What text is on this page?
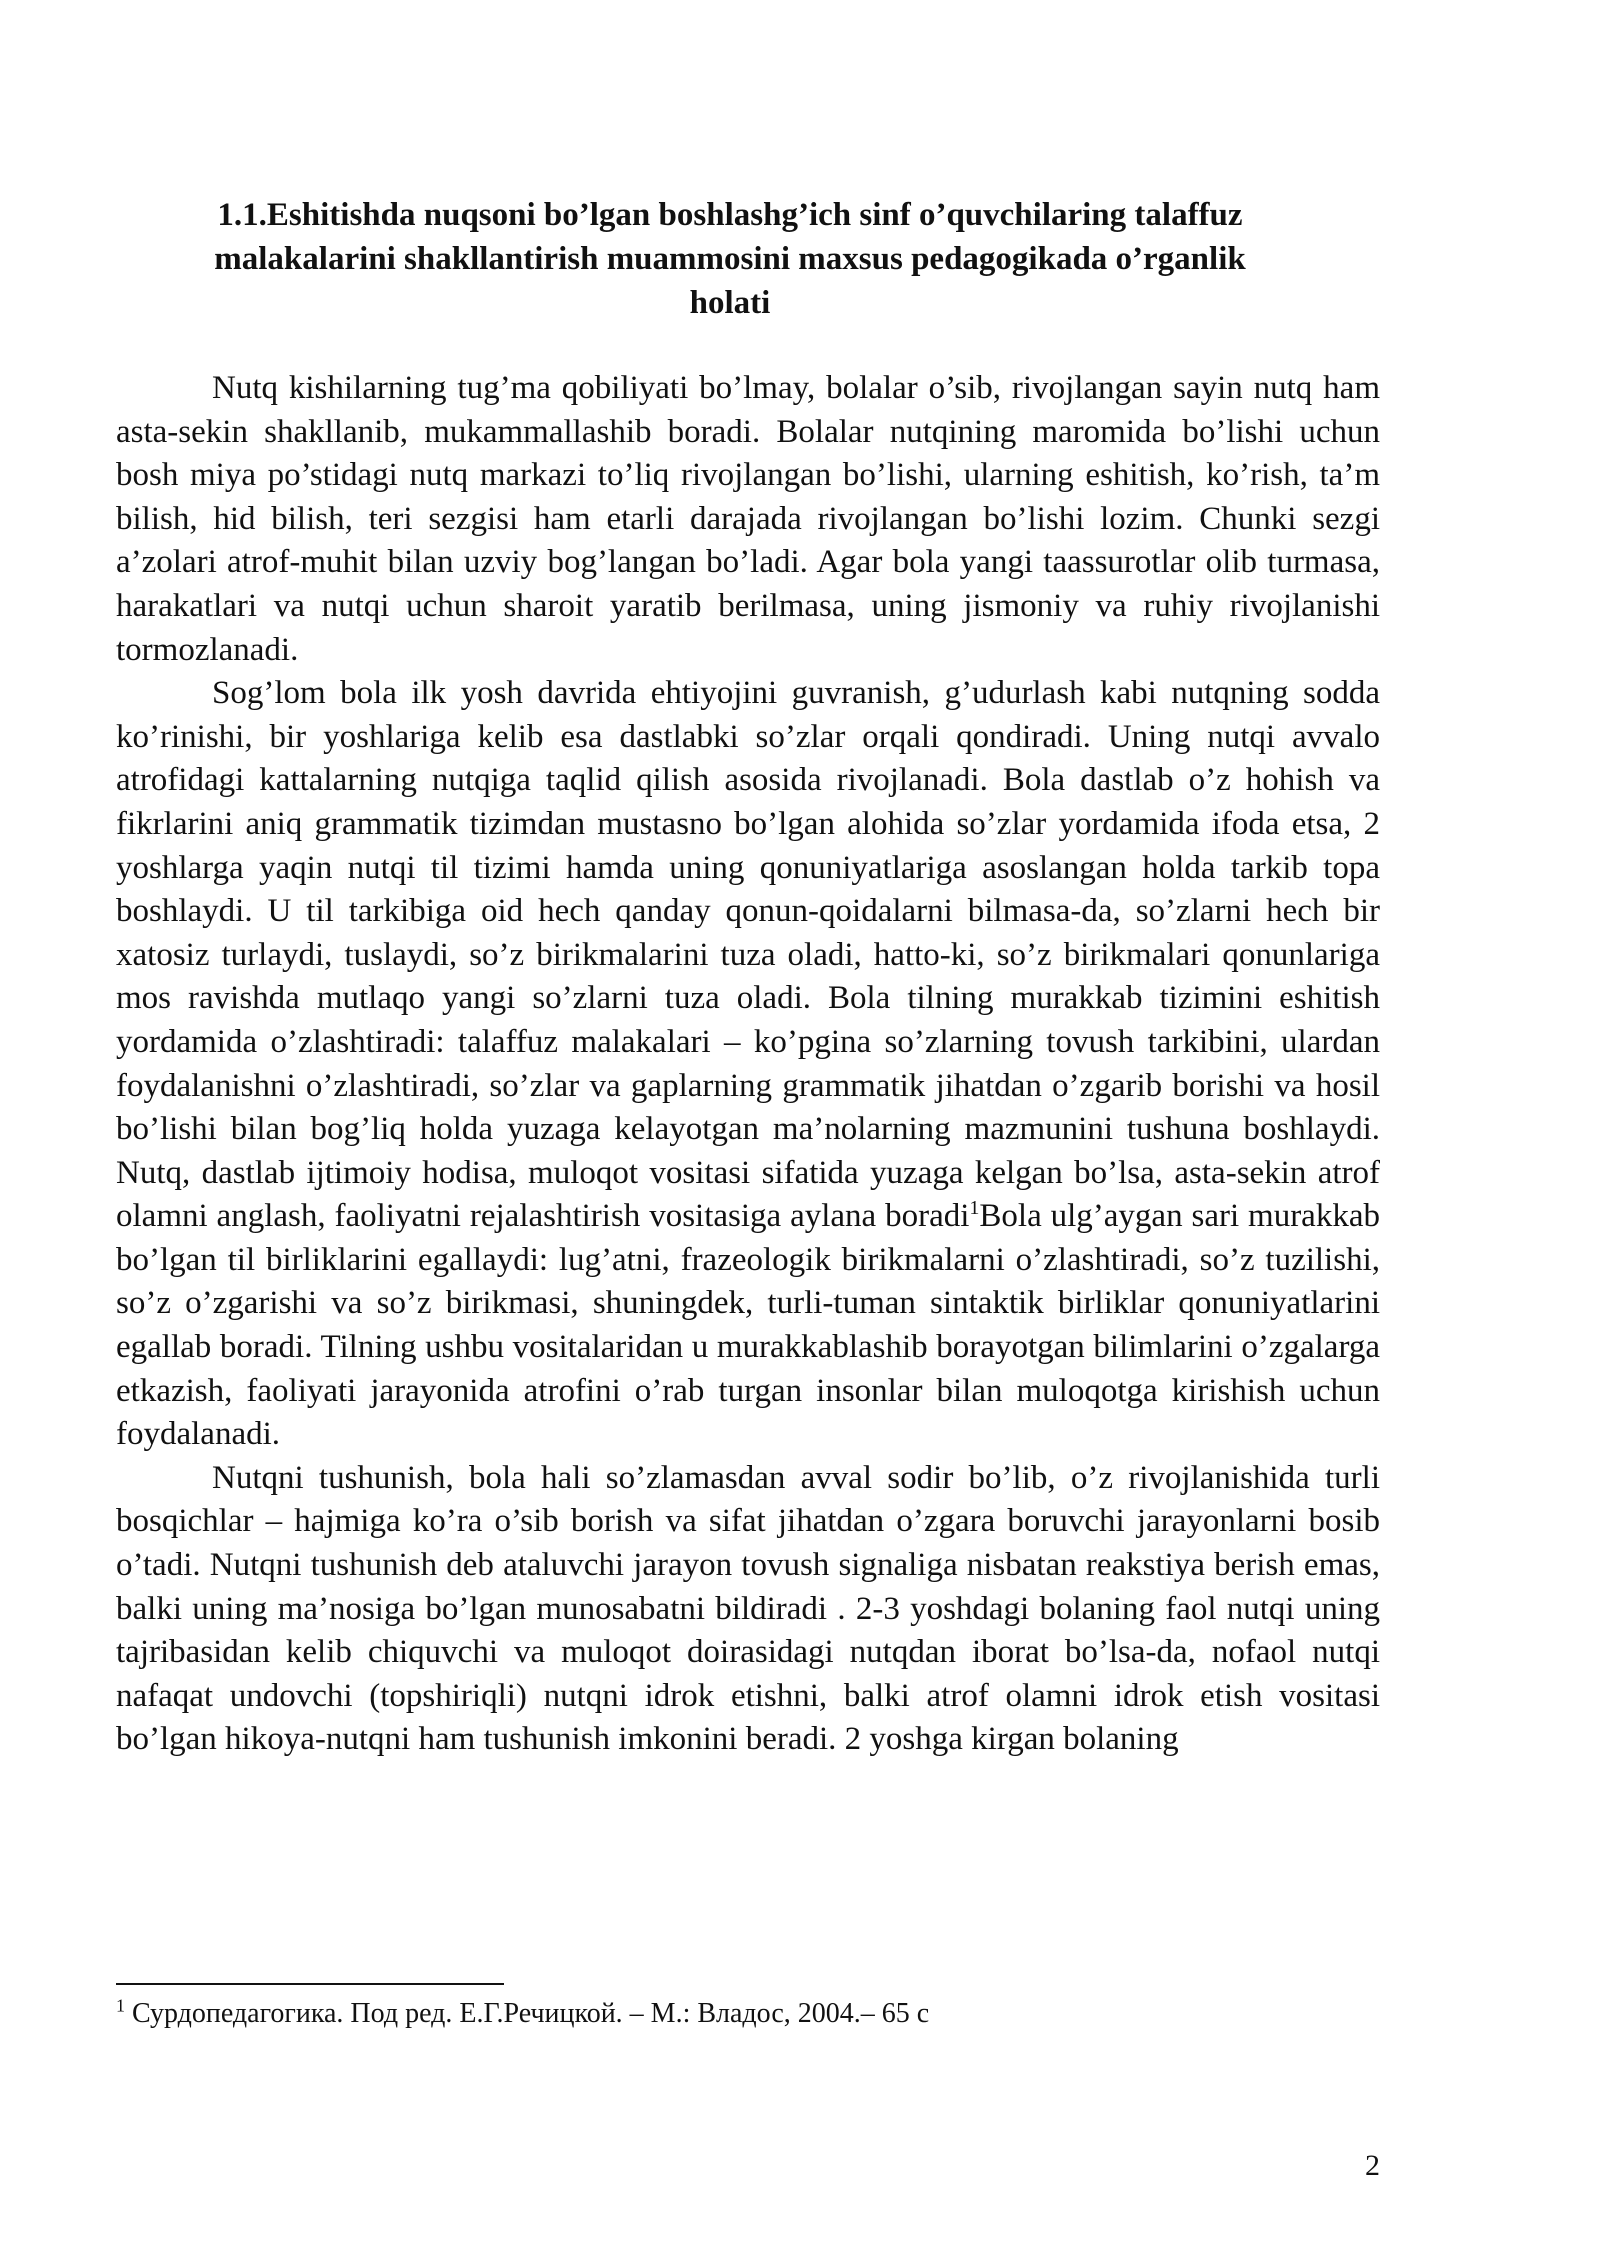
1.1.Eshitishda nuqsoni bo’lgan boshlashg’ich sinf o’quvchilaring talaffuz
malakalarini shakllantirish muammosini maxsus pedagogikada o’rganlik
holati

Nutq kishilarning tug’ma qobiliyati bo’lmay, bolalar o’sib, rivojlangan sayin nutq ham asta-sekin shakllanib, mukammallashib boradi. Bolalar nutqining maromida bo’lishi uchun bosh miya po’stidagi nutq markazi to’liq rivojlangan bo’lishi, ularning eshitish, ko’rish, ta’m bilish, hid bilish, teri sezgisi ham etarli darajada rivojlangan bo’lishi lozim. Chunki sezgi a’zolari atrof-muhit bilan uzviy bog’langan bo’ladi. Agar bola yangi taassurotlar olib turmasa, harakatlari va nutqi uchun sharoit yaratib berilmasa, uning jismoniy va ruhiy rivojlanishi tormozlanadi.

Sog’lom bola ilk yosh davrida ehtiyojini guvranish, g’udurlash kabi nutqning sodda ko’rinishi, bir yoshlariga kelib esa dastlabki so’zlar orqali qondiradi. Uning nutqi avvalo atrofidagi kattalarning nutqiga taqlid qilish asosida rivojlanadi. Bola dastlab o’z hohish va fikrlarini aniq grammatik tizimdan mustasno bo’lgan alohida so’zlar yordamida ifoda etsa, 2 yoshlarga yaqin nutqi til tizimi hamda uning qonuniyatlariga asoslangan holda tarkib topa boshlaydi. U til tarkibiga oid hech qanday qonun-qoidalarni bilmasa-da, so’zlarni hech bir xatosiz turlaydi, tuslaydi, so’z birikmalarini tuza oladi, hatto-ki, so’z birikmalari qonunlariga mos ravishda mutlaqo yangi so’zlarni tuza oladi. Bola tilning murakkab tizimini eshitish yordamida o’zlashtiradi: talaffuz malakalari – ko’pgina so’zlarning tovush tarkibini, ulardan foydalanishni o’zlashtiradi, so’zlar va gaplarning grammatik jihatdan o’zgarib borishi va hosil bo’lishi bilan bog’liq holda yuzaga kelayotgan ma’nolarning mazmunini tushuna boshlaydi. Nutq, dastlab ijtimoiy hodisa, muloqot vositasi sifatida yuzaga kelgan bo’lsa, asta-sekin atrof olamni anglash, faoliyatni rejalashtirish vositasiga aylana boradi$^1$Bola ulg’aygan sari murakkab bo’lgan til birliklarini egallaydi: lug’atni, frazeologik birikmalarni o’zlashtiradi, so’z tuzilishi, so’z o’zgarishi va so’z birikmasi, shuningdek, turli-tuman sintaktik birliklar qonuniyatlarini egallab boradi. Tilning ushbu vositalaridan u murakkablashib borayotgan bilimlarini o’zgalarga etkazish, faoliyati jarayonida atrofini o’rab turgan insonlar bilan muloqotga kirishish uchun foydalanadi.

Nutqni tushunish, bola hali so’zlamasdan avval sodir bo’lib, o’z rivojlanishida turli bosqichlar – hajmiga ko’ra o’sib borish va sifat jihatdan o’zgara boruvchi jarayonlarni bosib o’tadi. Nutqni tushunish deb ataluvchi jarayon tovush signaliga nisbatan reakstiya berish emas, balki uning ma’nosiga bo’lgan munosabatni bildiradi . 2-3 yoshdagi bolaning faol nutqi uning tajribasidan kelib chiquvchi va muloqot doirasidagi nutqdan iborat bo’lsa-da, nofaol nutqi nafaqat undovchi (topshiriqli) nutqni idrok etishni, balki atrof olamni idrok etish vositasi bo’lgan hikoya-nutqni ham tushunish imkonini beradi. 2 yoshga kirgan bolaning

$^1$ Сурдопедагогика. Под ред. Е.Г.Речицкой. – М.: Владос, 2004.– 65 с

2
